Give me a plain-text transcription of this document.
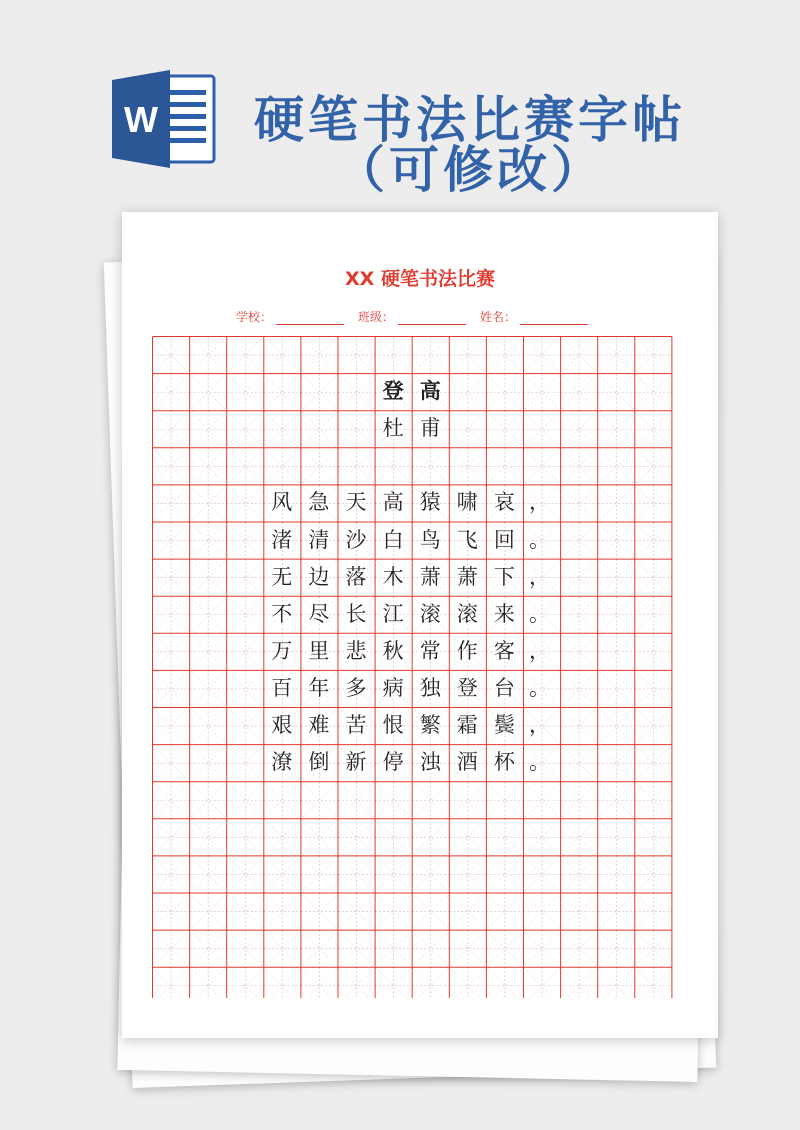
W 硬笔书法比赛字帖
（可修改）
XX 硬笔书法比赛
学校：	班级：	姓名：
登 高
杜 甫
风 急 天 高 猿 啸 哀 ，
渚 清 沙 白 鸟 飞 回 。
无 边 落 木 萧 萧 下 ，
不 尽 长 江 滚 滚 来 。
万 里 悲 秋 常 作 客 ，
百 年 多 病 独 登 台 。
艰 难 苦 恨 繁 霜 鬓 ，
潦 倒 新 停 浊 酒 杯 。
